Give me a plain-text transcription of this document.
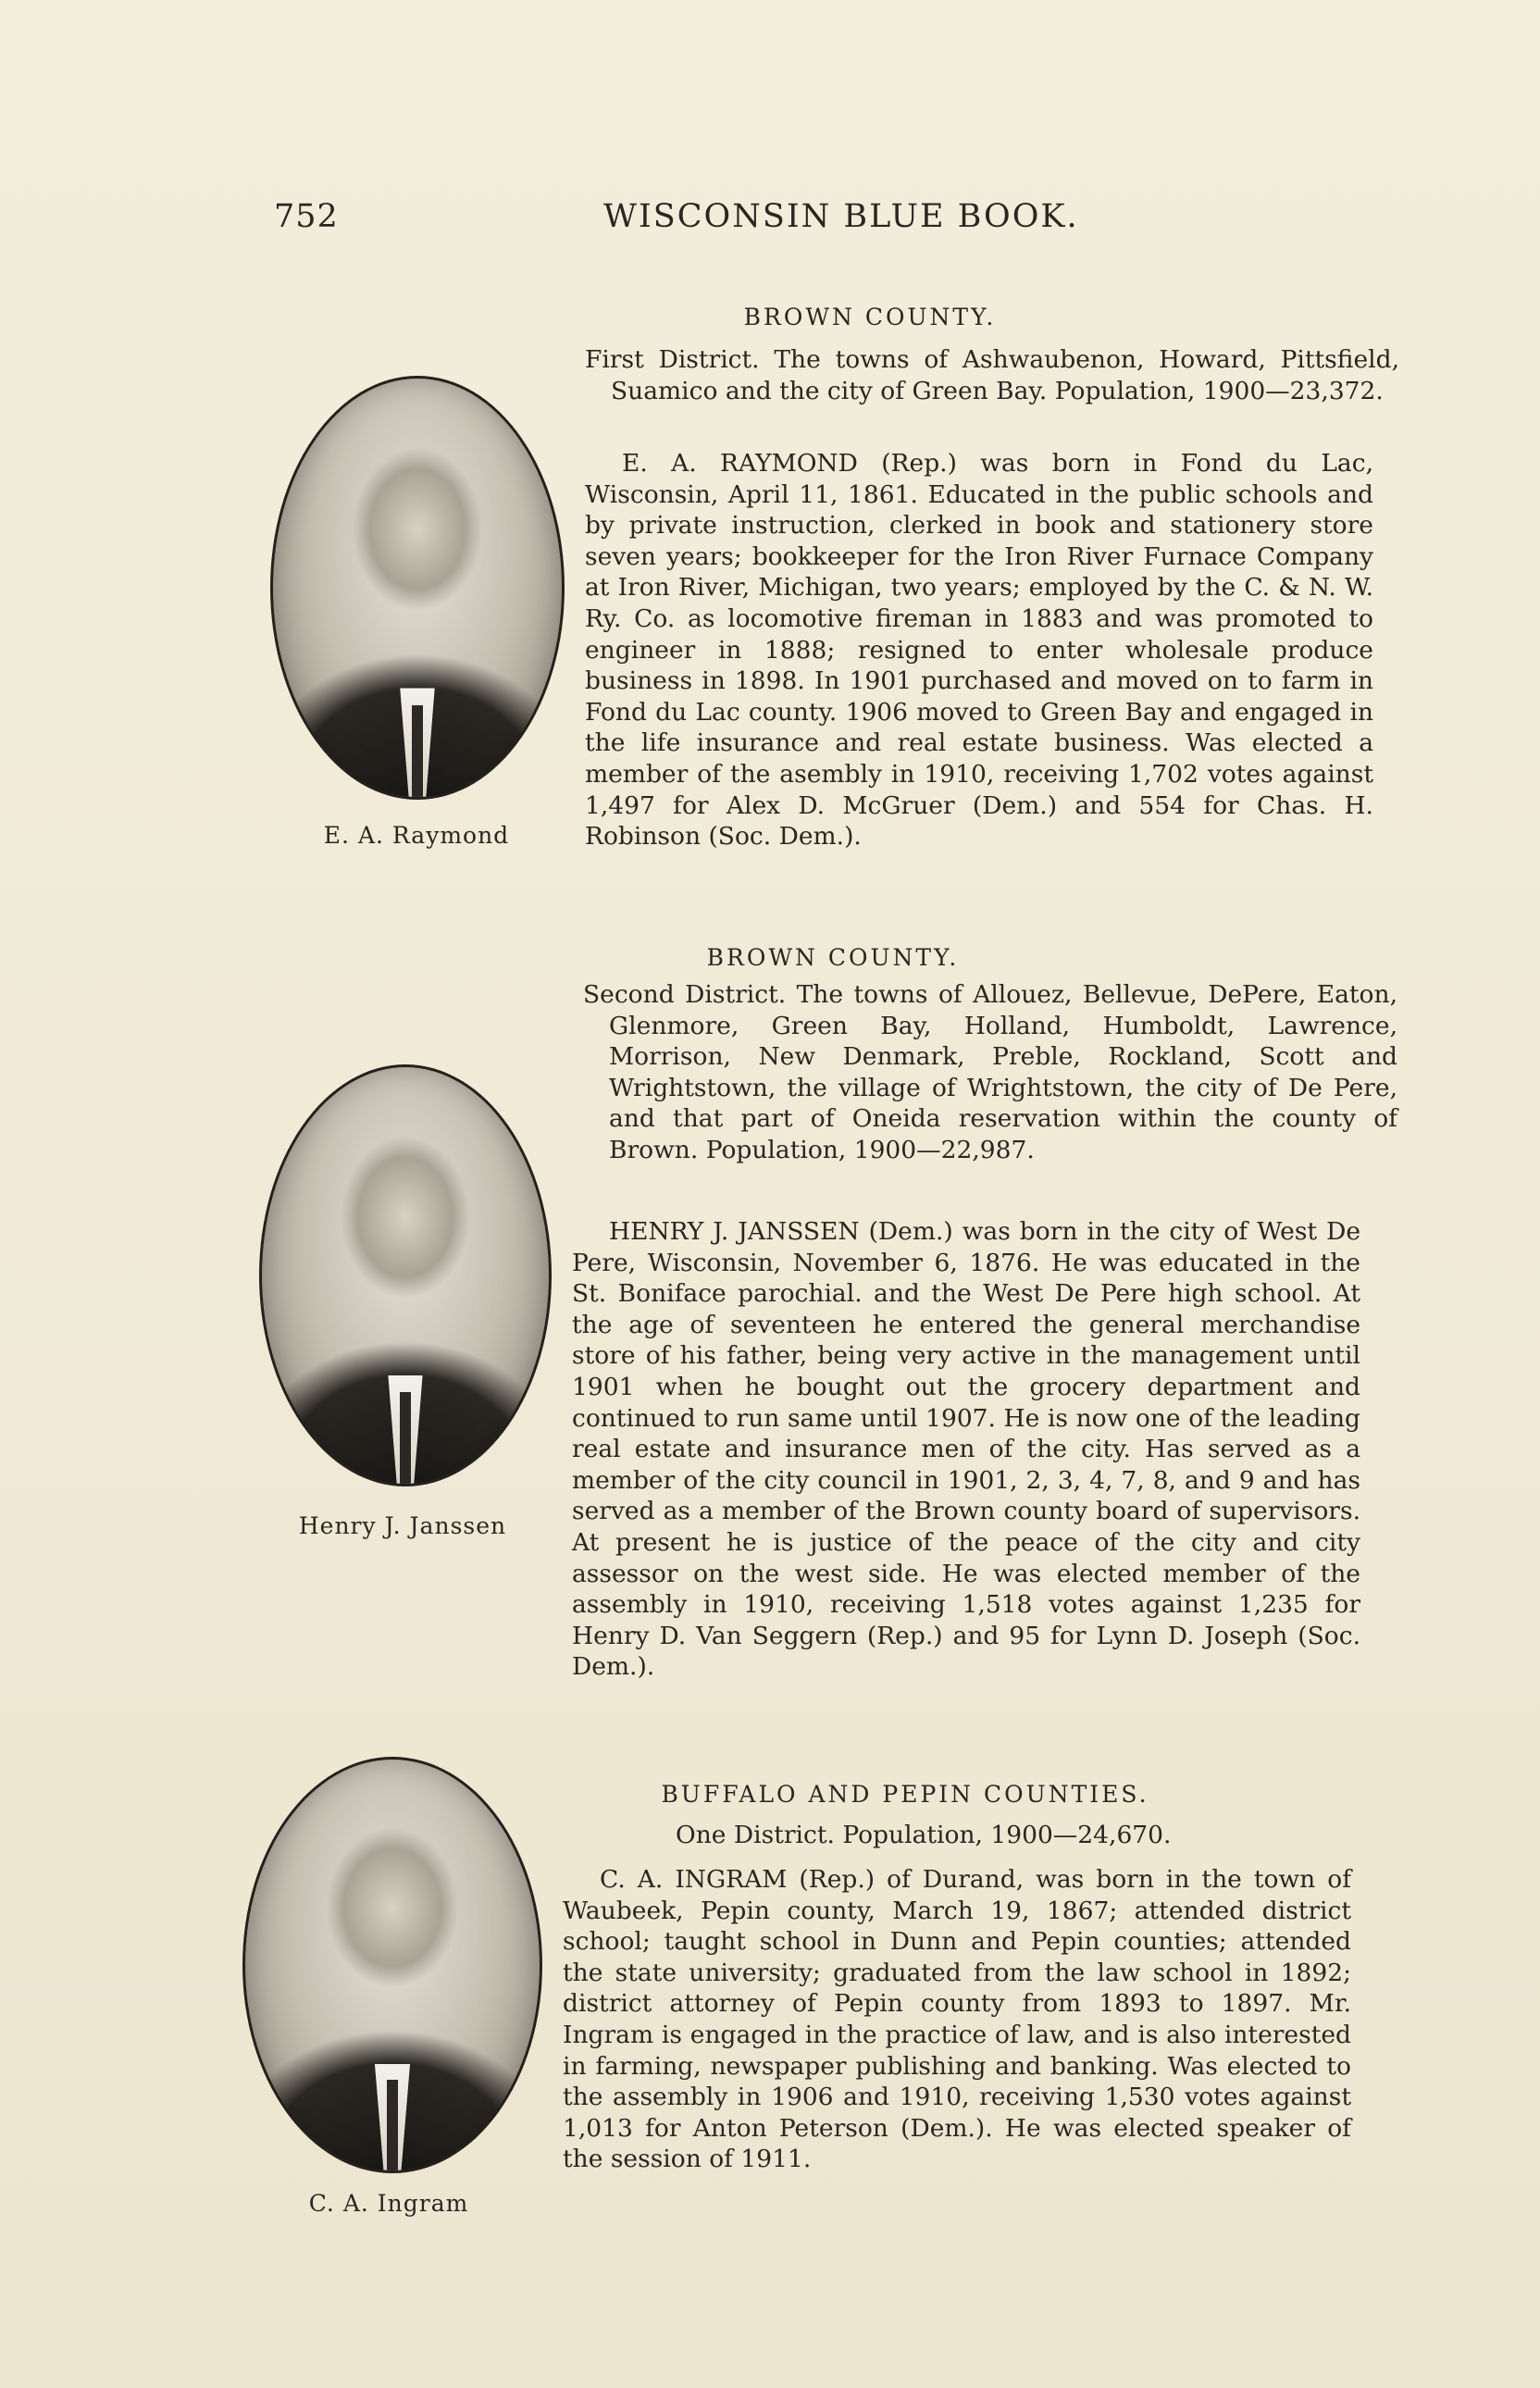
752	WISCONSIN BLUE BOOK.
BROWN COUNTY.

First District. The towns of Ashwaubenon, Howard, Pittsfield, Suamico and the city of Green Bay. Population, 1900—23,372.

E. A. RAYMOND (Rep.) was born in Fond du Lac, Wisconsin, April 11, 1861. Educated in the public schools and by private instruction, clerked in book and stationery store seven years; bookkeeper for the Iron River Furnace Company at Iron River, Michigan, two years; employed by the C. & N. W. Ry. Co. as locomotive fireman in 1883 and was promoted to engineer in 1888; resigned to enter wholesale produce business in 1898. In 1901 purchased and moved on to farm in Fond du Lac county. 1906 moved to Green Bay and engaged in the life insurance and real estate business. Was elected a member of the asembly in 1910, receiving 1,702 votes against 1,497 for Alex D. McGruer (Dem.) and 554 for Chas. H. Robinson (Soc. Dem.).

E. A. Raymond
BROWN COUNTY.

Second District. The towns of Allouez, Bellevue, DePere, Eaton, Glenmore, Green Bay, Holland, Humboldt, Lawrence, Morrison, New Denmark, Preble, Rockland, Scott and Wrightstown, the village of Wrightstown, the city of De Pere, and that part of Oneida reservation within the county of Brown. Population, 1900—22,987.

HENRY J. JANSSEN (Dem.) was born in the city of West De Pere, Wisconsin, November 6, 1876. He was educated in the St. Boniface parochial. and the West De Pere high school. At the age of seventeen he entered the general merchandise store of his father, being very active in the management until 1901 when he bought out the grocery department and continued to run same until 1907. He is now one of the leading real estate and insurance men of the city. Has served as a member of the city council in 1901, 2, 3, 4, 7, 8, and 9 and has served as a member of the Brown county board of supervisors. At present he is justice of the peace of the city and city assessor on the west side. He was elected member of the assembly in 1910, receiving 1,518 votes against 1,235 for Henry D. Van Seggern (Rep.) and 95 for Lynn D. Joseph (Soc. Dem.).

Henry J. Janssen
BUFFALO AND PEPIN COUNTIES.

One District. Population, 1900—24,670.

C. A. INGRAM (Rep.) of Durand, was born in the town of Waubeek, Pepin county, March 19, 1867; attended district school; taught school in Dunn and Pepin counties; attended the state university; graduated from the law school in 1892; district attorney of Pepin county from 1893 to 1897. Mr. Ingram is engaged in the practice of law, and is also interested in farming, newspaper publishing and banking. Was elected to the assembly in 1906 and 1910, receiving 1,530 votes against 1,013 for Anton Peterson (Dem.). He was elected speaker of the session of 1911.

C. A. Ingram
